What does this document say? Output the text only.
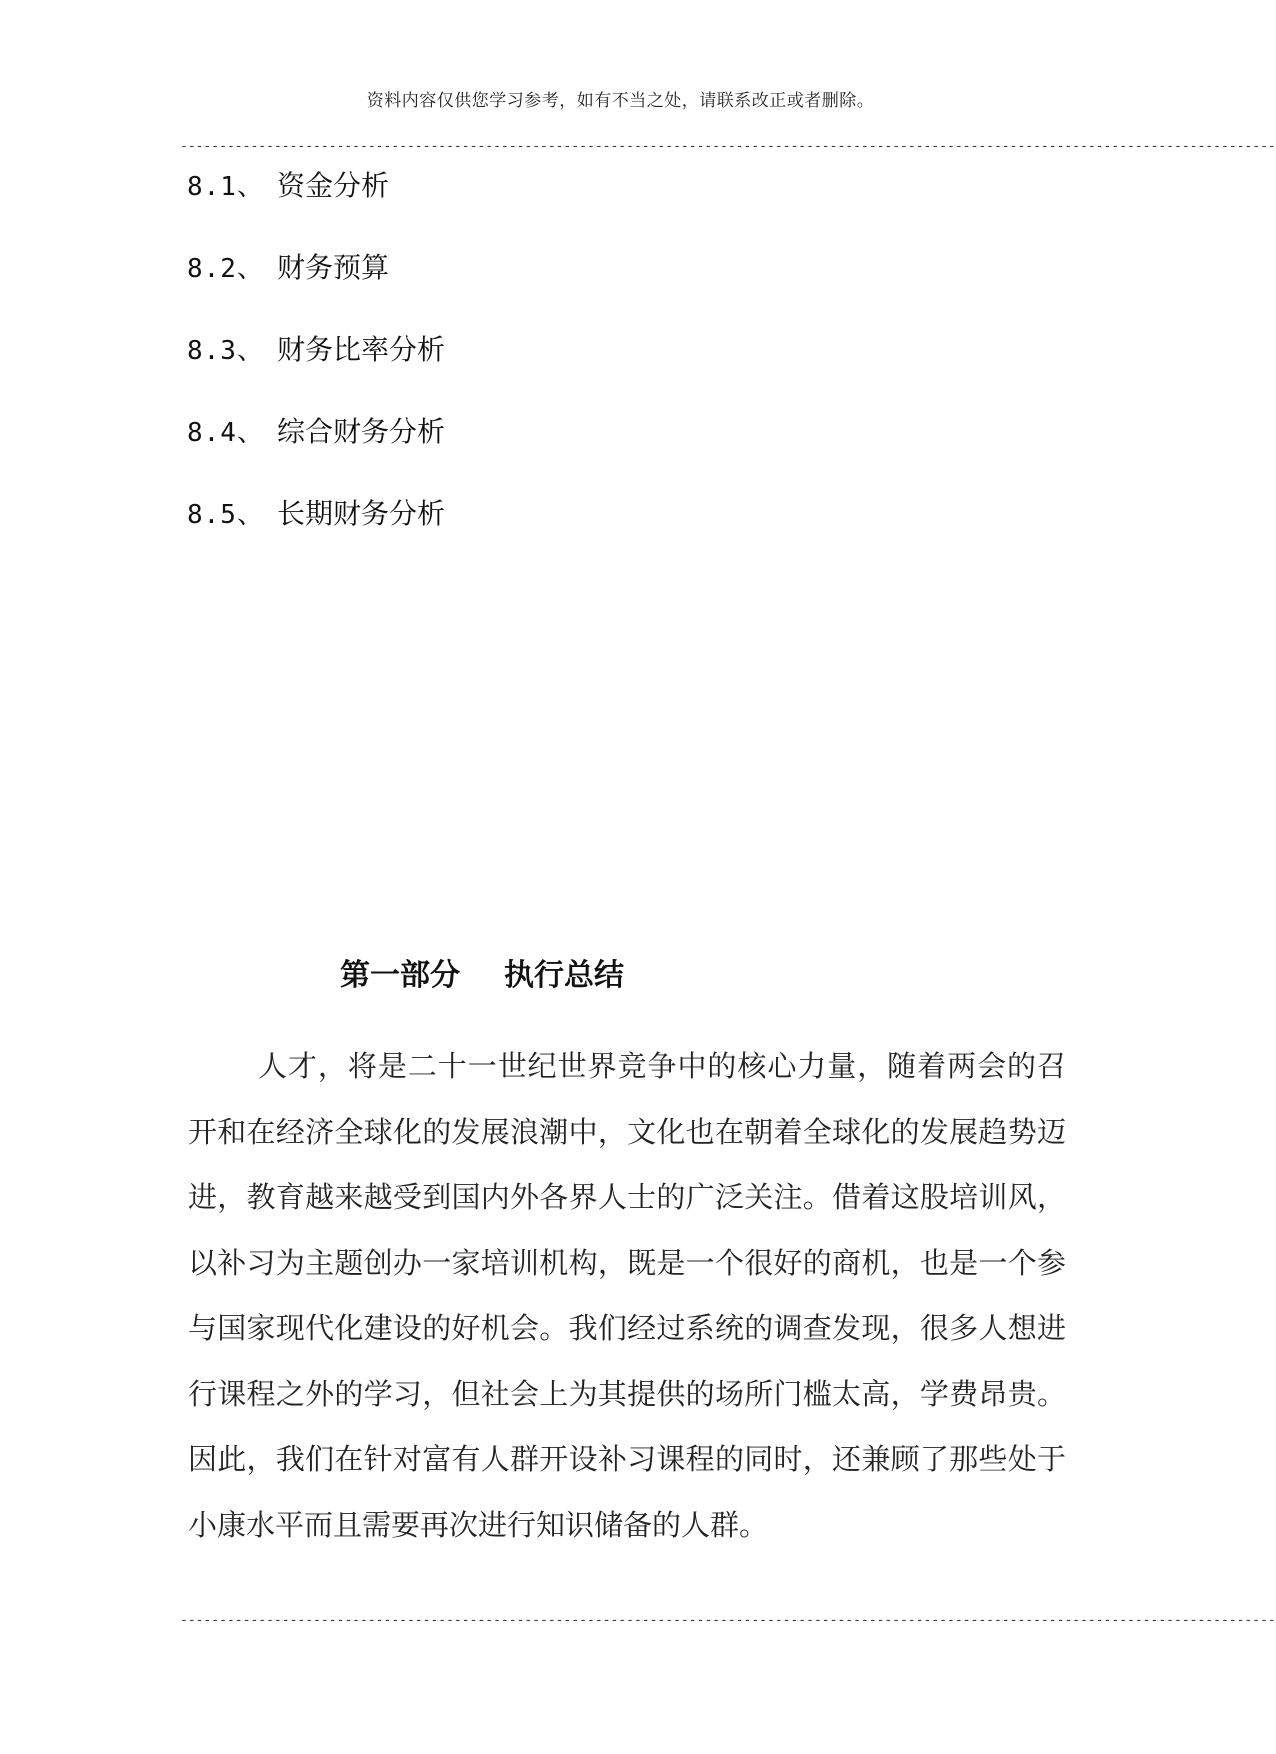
资料内容仅供您学习参考，如有不当之处，请联系改正或者删除。
--------------------------------------------------------------------------------------------------------------------------------------------
8.1、 资金分析
8.2、 财务预算
8.3、 财务比率分析
8.4、 综合财务分析
8.5、 长期财务分析
第一部分 执行总结

人才，将是二十一世纪世界竞争中的核心力量，随着两会的召开和在经济全球化的发展浪潮中，文化也在朝着全球化的发展趋势迈进，教育越来越受到国内外各界人士的广泛关注。借着这股培训风，以补习为主题创办一家培训机构，既是一个很好的商机，也是一个参与国家现代化建设的好机会。我们经过系统的调查发现，很多人想进行课程之外的学习，但社会上为其提供的场所门槛太高，学费昂贵。因此，我们在针对富有人群开设补习课程的同时，还兼顾了那些处于小康水平而且需要再次进行知识储备的人群。

--------------------------------------------------------------------------------------------------------------------------------------------
